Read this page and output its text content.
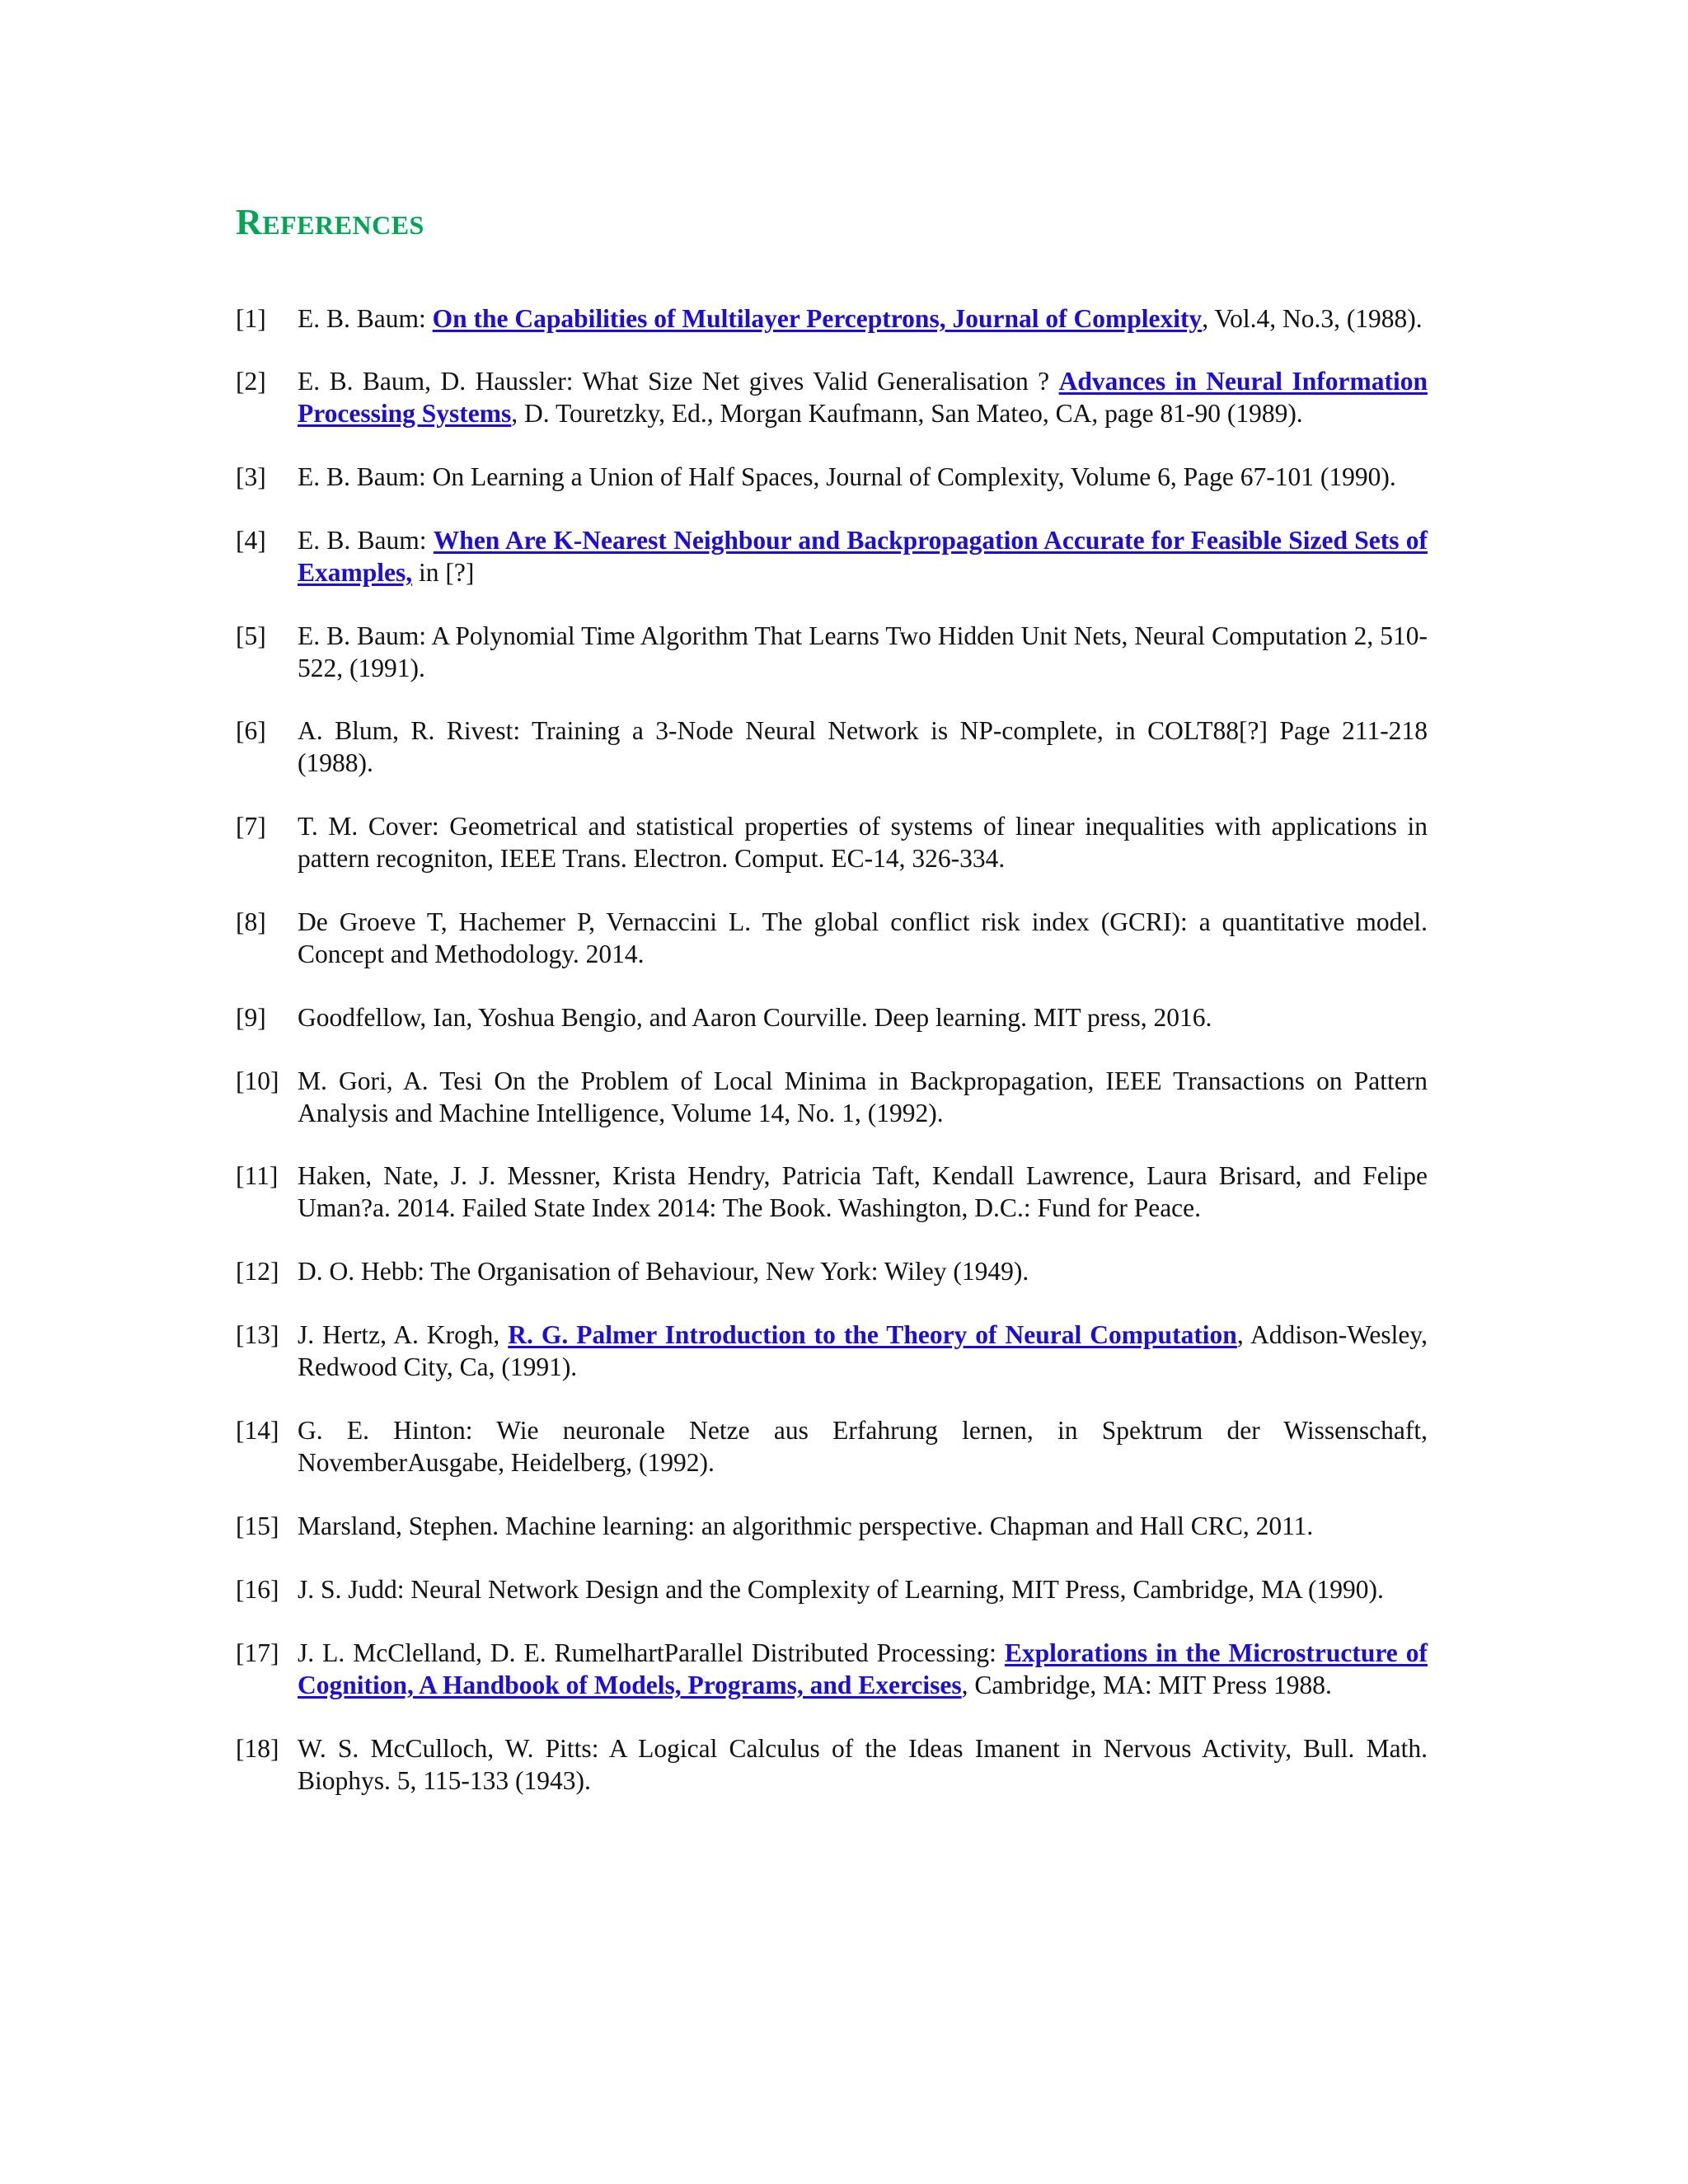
REFERENCES
[1]	E. B. Baum: On the Capabilities of Multilayer Perceptrons, Journal of Complexity, Vol.4, No.3, (1988).
[2]	E. B. Baum, D. Haussler: What Size Net gives Valid Generalisation ? Advances in Neural Information Processing Systems, D. Touretzky, Ed., Morgan Kaufmann, San Mateo, CA, page 81-90 (1989).
[3]	E. B. Baum: On Learning a Union of Half Spaces, Journal of Complexity, Volume 6, Page 67-101 (1990).
[4]	E. B. Baum: When Are K-Nearest Neighbour and Backpropagation Accurate for Feasible Sized Sets of Examples, in [?]
[5]	E. B. Baum: A Polynomial Time Algorithm That Learns Two Hidden Unit Nets, Neural Computation 2, 510-522, (1991).
[6]	A. Blum, R. Rivest: Training a 3-Node Neural Network is NP-complete, in COLT88[?] Page 211-218 (1988).
[7]	T. M. Cover: Geometrical and statistical properties of systems of linear inequalities with applications in pattern recogniton, IEEE Trans. Electron. Comput. EC-14, 326-334.
[8]	De Groeve T, Hachemer P, Vernaccini L. The global conflict risk index (GCRI): a quantitative model. Concept and Methodology. 2014.
[9]	Goodfellow, Ian, Yoshua Bengio, and Aaron Courville. Deep learning. MIT press, 2016.
[10] M. Gori, A. Tesi On the Problem of Local Minima in Backpropagation, IEEE Transactions on Pattern Analysis and Machine Intelligence, Volume 14, No. 1, (1992).
[11] Haken, Nate, J. J. Messner, Krista Hendry, Patricia Taft, Kendall Lawrence, Laura Brisard, and Felipe Uman?a. 2014. Failed State Index 2014: The Book. Washington, D.C.: Fund for Peace.
[12] D. O. Hebb: The Organisation of Behaviour, New York: Wiley (1949).
[13] J. Hertz, A. Krogh, R. G. Palmer Introduction to the Theory of Neural Computation, Addison-Wesley, Redwood City, Ca, (1991).
[14] G. E. Hinton: Wie neuronale Netze aus Erfahrung lernen, in Spektrum der Wissenschaft, NovemberAusgabe, Heidelberg, (1992).
[15] Marsland, Stephen. Machine learning: an algorithmic perspective. Chapman and Hall CRC, 2011.
[16] J. S. Judd: Neural Network Design and the Complexity of Learning, MIT Press, Cambridge, MA (1990).
[17] J. L. McClelland, D. E. RumelhartParallel Distributed Processing: Explorations in the Microstructure of Cognition, A Handbook of Models, Programs, and Exercises, Cambridge, MA: MIT Press 1988.
[18] W. S. McCulloch, W. Pitts: A Logical Calculus of the Ideas Imanent in Nervous Activity, Bull. Math. Biophys. 5, 115-133 (1943).
